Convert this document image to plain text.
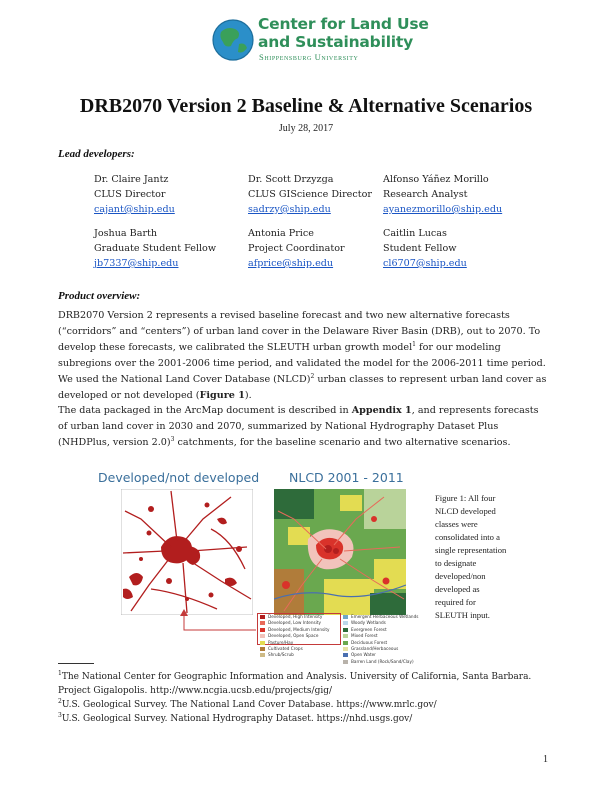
Center for Land Use
and Sustainability
Shippensburg University
DRB2070 Version 2 Baseline & Alternative Scenarios
July 28, 2017
Lead developers:
Dr. Claire Jantz
CLUS Director
cajant@ship.edu
Dr. Scott Drzyzga
CLUS GIScience Director
sadrzy@ship.edu
Alfonso Yáñez Morillo
Research Analyst
ayanezmorillo@ship.edu
Joshua Barth
Graduate Student Fellow
jb7337@ship.edu
Antonia Price
Project Coordinator
afprice@ship.edu
Caitlin Lucas
Student Fellow
cl6707@ship.edu
Product overview:
DRB2070 Version 2 represents a revised baseline forecast and two new alternative forecasts (“corridors” and “centers”) of urban land cover in the Delaware River Basin (DRB), out to 2070. To develop these forecasts, we calibrated the SLEUTH urban growth model$^1$ for our modeling subregions over the 2001-2006 time period, and validated the model for the 2006-2011 time period. We used the National Land Cover Database (NLCD)$^2$ urban classes to represent urban land cover as developed or not developed (Figure 1).
The data packaged in the ArcMap document is described in Appendix 1, and represents forecasts of urban land cover in 2030 and 2070, summarized by National Hydrography Dataset Plus (NHDPlus, version 2.0)$^3$ catchments, for the baseline scenario and two alternative scenarios.
Developed/not developed NLCD 2001 - 2011
Developed, High Intensity
Developed, Low Intensity
Developed, Medium Intensity
Developed, Open Space
Pasture/Hay
Cultivated Crops
Shrub/Scrub
Emergent Herbaceous Wetlands
Woody Wetlands
Evergreen Forest
Mixed Forest
Deciduous Forest
Grassland/Herbaceous
Open Water
Barren Land (Rock/Sand/Clay)
Figure 1: All four NLCD developed classes were consolidated into a single representation to designate developed/non developed as required for SLEUTH input.
$^1$The National Center for Geographic Information and Analysis. University of California, Santa Barbara.
Project Gigalopolis. http://www.ncgia.ucsb.edu/projects/gig/
$^2$U.S. Geological Survey. The National Land Cover Database. https://www.mrlc.gov/
$^3$U.S. Geological Survey. National Hydrography Dataset. https://nhd.usgs.gov/
1
